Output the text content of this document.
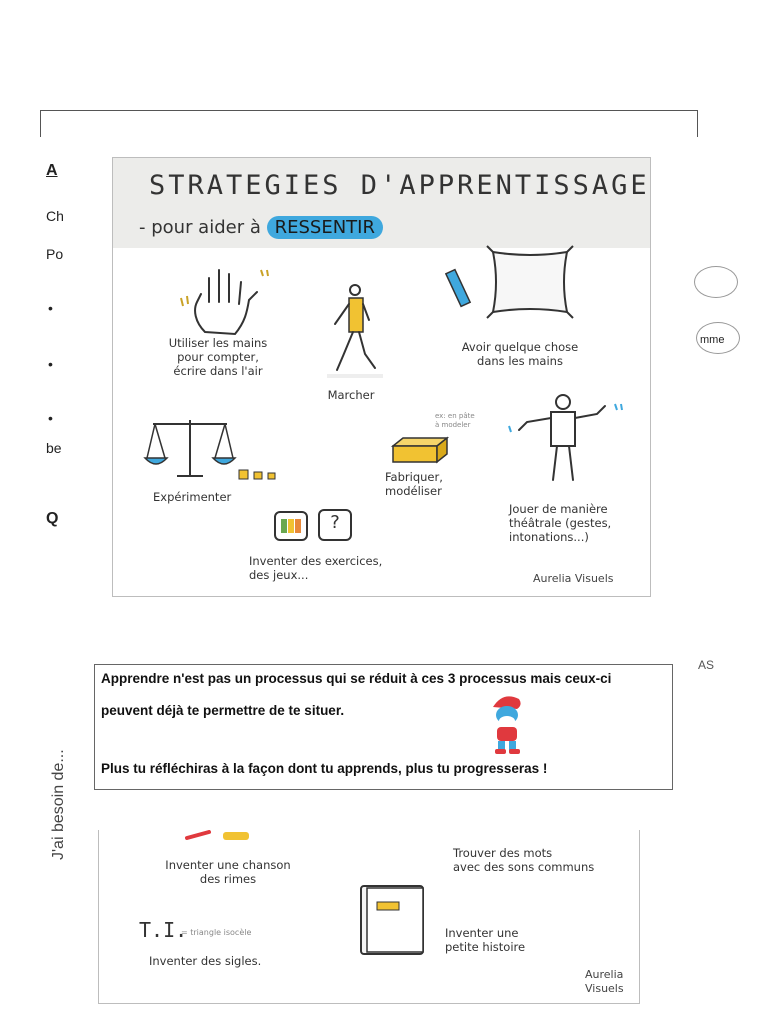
A
Ch
Po
•
•
•
be
Q
mme
AS
J'ai besoin de...
STRATEGIES D'APPRENTISSAGE
- pour aider à RESSENTIR
Utiliser les mains
pour compter,
écrire dans l'air
Marcher
Avoir quelque chose
dans les mains
Expérimenter
ex: en pâte
à modeler
Fabriquer,
modéliser
Jouer de manière
théâtrale (gestes,
intonations...)
?
Inventer des exercices,
des jeux...	Aurelia Visuels
Apprendre n'est pas un processus qui se réduit à ces 3 processus mais ceux-ci
peuvent déjà te permettre de te situer.
Plus tu réfléchiras à la façon dont tu apprends, plus tu progresseras !
Inventer une chanson
des rimes
Trouver des mots
avec des sons communs
Inventer une
petite histoire
T.I.
= triangle isocèle
Inventer des sigles.
Aurelia
Visuels
